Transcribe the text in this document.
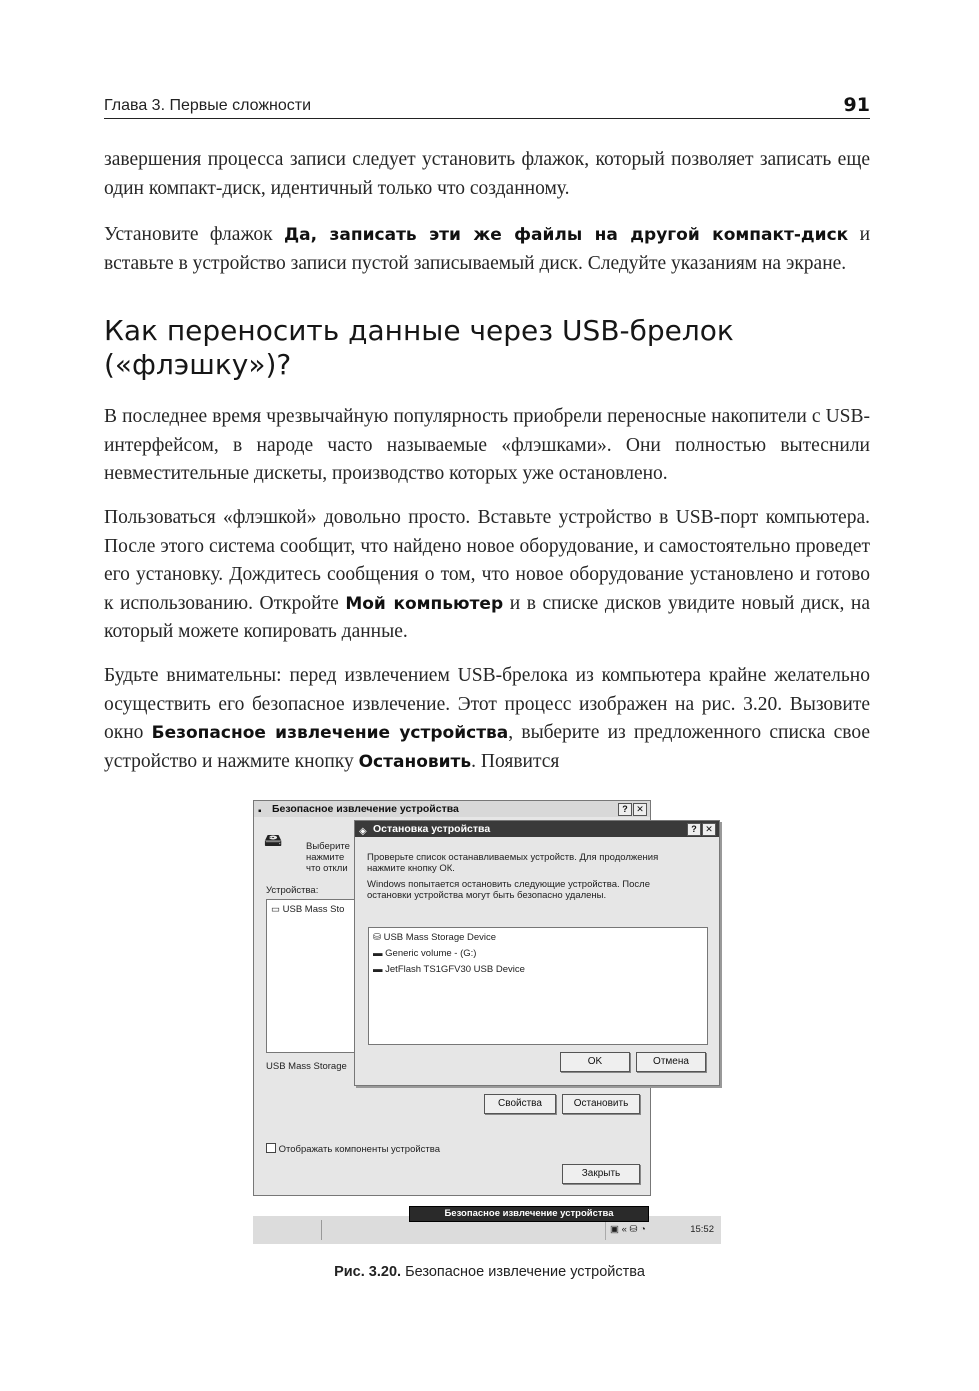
Глава 3. Первые сложности	91

завершения процесса записи следует установить флажок, который позволяет записать еще один компакт-диск, идентичный только что созданному.

Установите флажок Да, записать эти же файлы на другой компакт-диск и вставьте в устройство записи пустой записываемый диск. Следуйте указаниям на экране.

Как переносить данные через USB-брелок («флэшку»)?

В последнее время чрезвычайную популярность приобрели переносные накопители с USB-интерфейсом, в народе часто называемые «флэшками». Они полностью вытеснили невместительные дискеты, производство которых уже остановлено.

Пользоваться «флэшкой» довольно просто. Вставьте устройство в USB-порт компьютера. После этого система сообщит, что найдено новое оборудование, и самостоятельно проведет его установку. Дождитесь сообщения о том, что новое оборудование установлено и готово к использованию. Откройте Мой компьютер и в списке дисков увидите новый диск, на который можете копировать данные.

Будьте внимательны: перед извлечением USB-брелока из компьютера крайне желательно осуществить его безопасное извлечение. Этот процесс изображен на рис. 3.20. Вызовите окно Безопасное извлечение устройства, выберите из предложенного списка свое устройство и нажмите кнопку Остановить. Появится

▪ Безопасное извлечение устройства	? ✕
🖴	Выберите
нажмите
что откли
Устройства:
▭ USB Mass Sto
USB Mass Storage
Свойства	Остановить
Отображать компоненты устройства
Закрыть
◈ Остановка устройства	? ✕
Проверьте список останавливаемых устройств. Для продолжения
нажмите кнопку ОК.
Windows попытается остановить следующие устройства. После
остановки устройства могут быть безопасно удалены.
⛁ USB Mass Storage Device
▬ Generic volume - (G:)
▬ JetFlash TS1GFV30 USB Device
OK	Отмена
▣ « ⛁ ◔	15:52
Безопасное извлечение устройства
Рис. 3.20. Безопасное извлечение устройства
